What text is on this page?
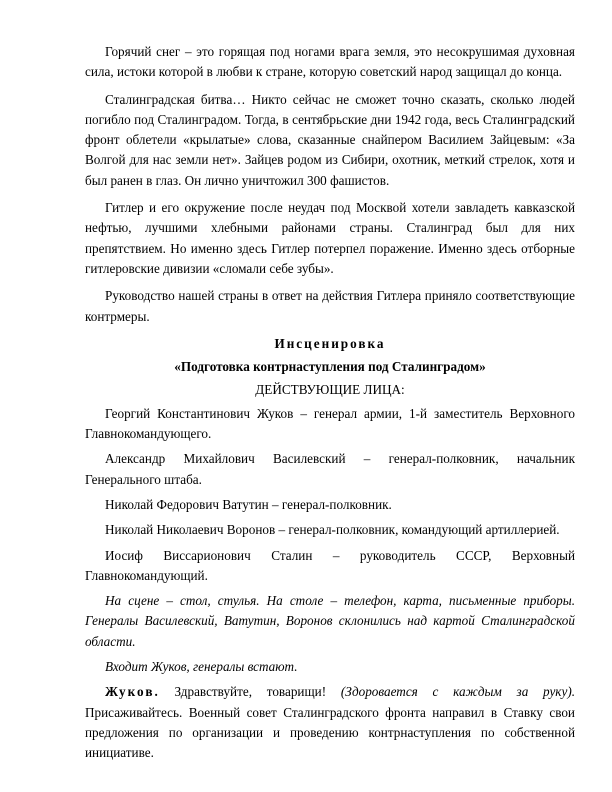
Горячий снег – это горящая под ногами врага земля, это несокрушимая духовная сила, истоки которой в любви к стране, которую советский народ защищал до конца.

Сталинградская битва… Никто сейчас не сможет точно сказать, сколько людей погибло под Сталинградом. Тогда, в сентябрьские дни 1942 года, весь Сталинградский фронт облетели «крылатые» слова, сказанные снайпером Василием Зайцевым: «За Волгой для нас земли нет». Зайцев родом из Сибири, охотник, меткий стрелок, хотя и был ранен в глаз. Он лично уничтожил 300 фашистов.

Гитлер и его окружение после неудач под Москвой хотели завладеть кавказской нефтью, лучшими хлебными районами страны. Сталинград был для них препятствием. Но именно здесь Гитлер потерпел поражение. Именно здесь отборные гитлеровские дивизии «сломали себе зубы».

Руководство нашей страны в ответ на действия Гитлера приняло соответствующие контрмеры.

Инсценировка

«Подготовка контрнаступления под Сталинградом»

ДЕЙСТВУЮЩИЕ ЛИЦА:

Георгий Константинович Жуков – генерал армии, 1-й заместитель Верховного Главнокомандующего.

Александр Михайлович Василевский – генерал-полковник, начальник Генерального штаба.

Николай Федорович Ватутин – генерал-полковник.

Николай Николаевич Воронов – генерал-полковник, командующий артиллерией.

Иосиф Виссарионович Сталин – руководитель СССР, Верховный Главнокомандующий.

На сцене – стол, стулья. На столе – телефон, карта, письменные приборы. Генералы Василевский, Ватутин, Воронов склонились над картой Сталинградской области.

Входит Жуков, генералы встают.

Жуков. Здравствуйте, товарищи! (Здоровается с каждым за руку). Присаживайтесь. Военный совет Сталинградского фронта направил в Ставку свои предложения по организации и проведению контрнаступления по собственной инициативе.
